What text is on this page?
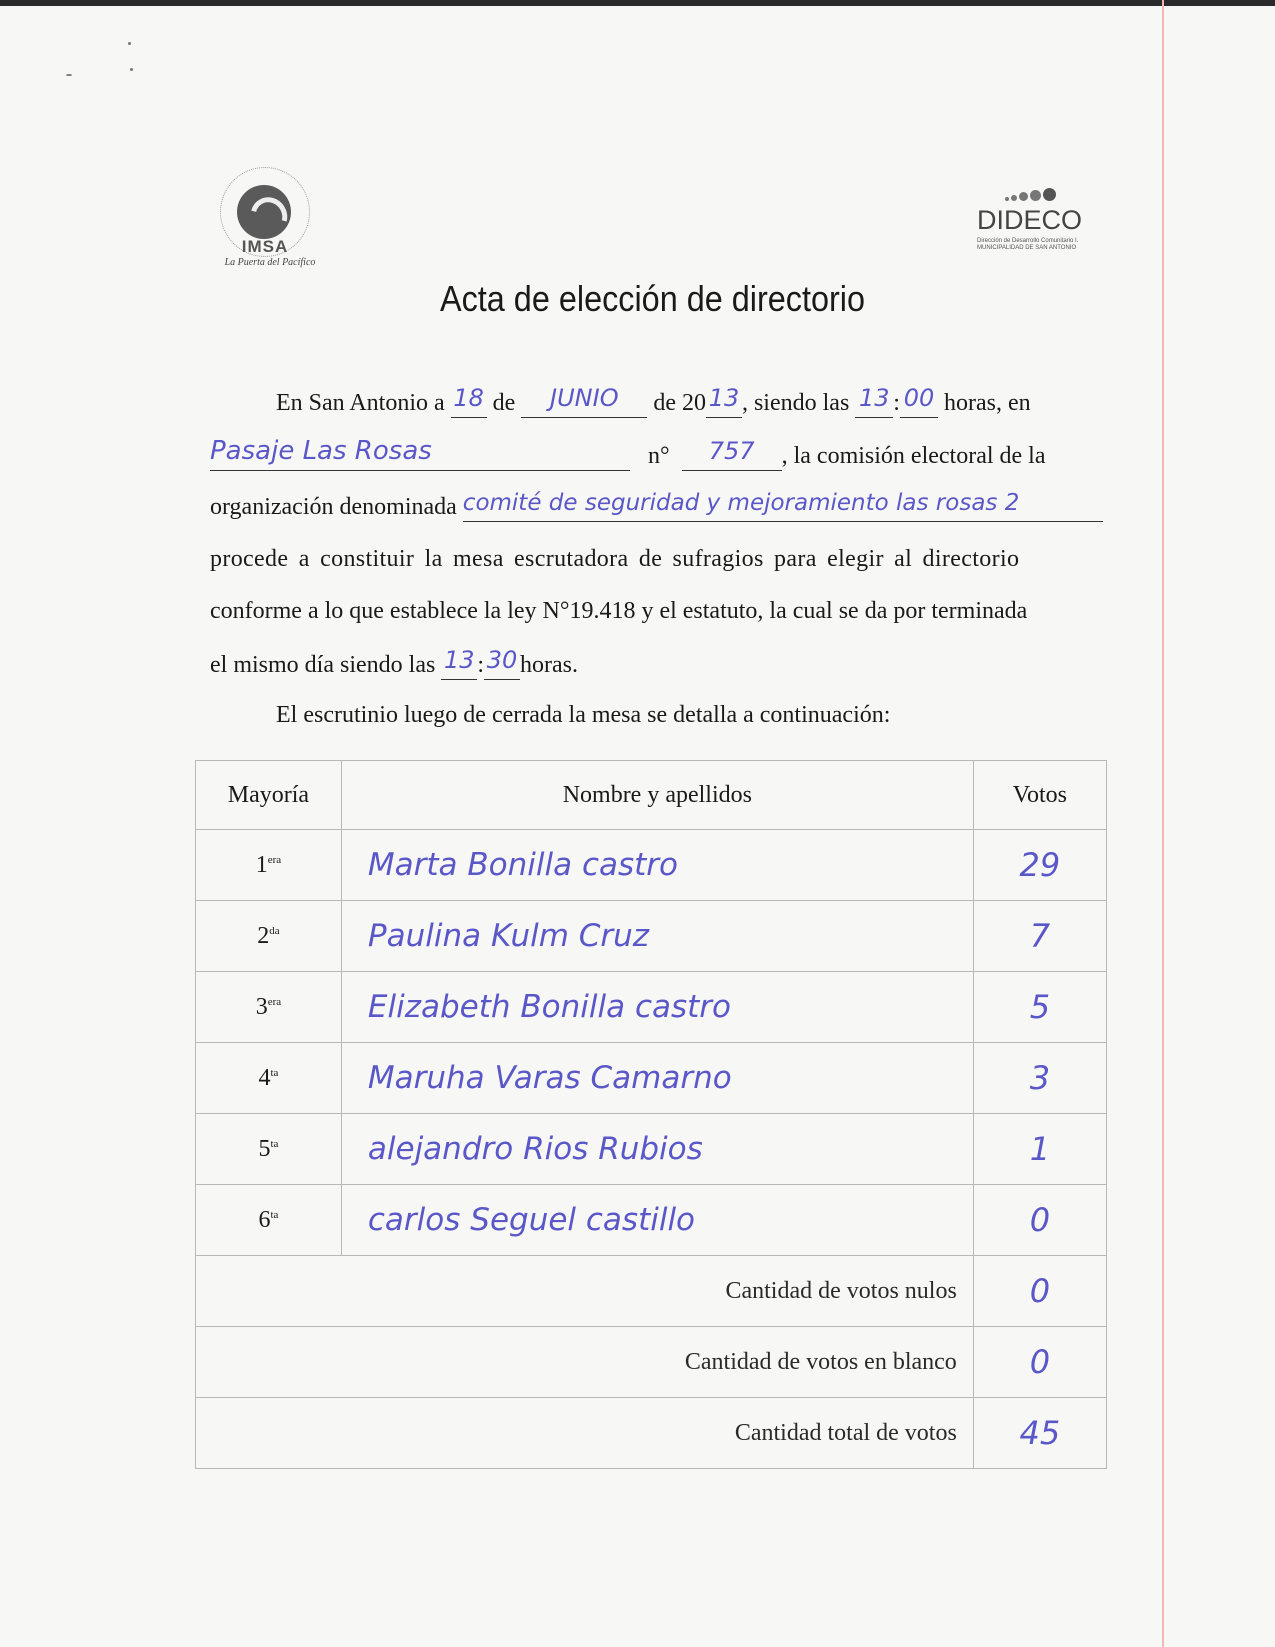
IMSA
La Puerta del Pacífico
DIDECO
Dirección de Desarrollo Comunitario I. MUNICIPALIDAD DE SAN ANTONIO
Acta de elección de directorio
En San Antonio a 18 de JUNIO de 20 13 , siendo las 13 : 00 horas, en
Pasaje Las Rosas	n° 757 , la comisión electoral de la
organización denominada comité de seguridad y mejoramiento las rosas 2
procede a constituir la mesa escrutadora de sufragios para elegir al directorio
conforme a lo que establece la ley N°19.418 y el estatuto, la cual se da por terminada
el mismo día siendo las 13 : 30 horas.
El escrutinio luego de cerrada la mesa se detalla a continuación:
Mayoría	Nombre y apellidos	Votos
$1^{era}$	Marta Bonilla castro	29
$2^{da}$	Paulina Kulm Cruz	7
$3^{era}$	Elizabeth Bonilla castro	5
$4^{ta}$	Maruha Varas Camarno	3
$5^{ta}$	alejandro Rios Rubios	1
$6^{ta}$	carlos Seguel castillo	0
Cantidad de votos nulos		0
Cantidad de votos en blanco		0
Cantidad total de votos		45
